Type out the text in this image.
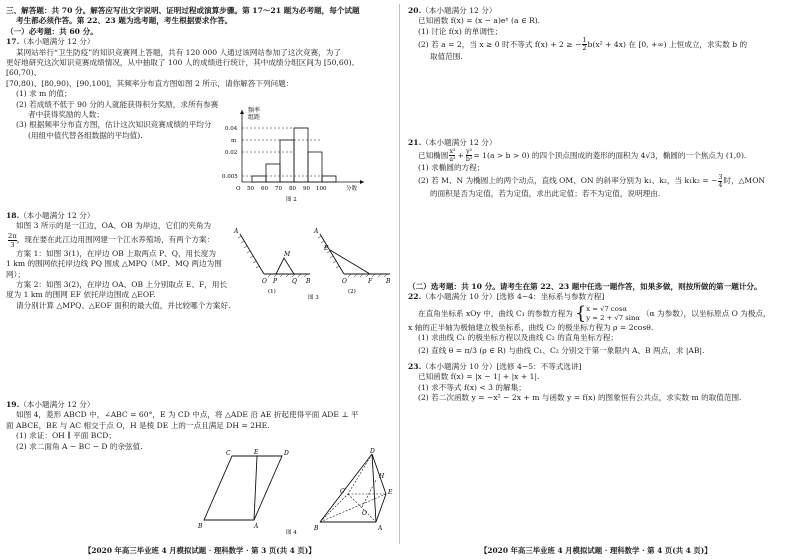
三、解答题：共 70 分。解答应写出文字说明、证明过程或演算步骤。第 17～21 题为必考题，每个试题

考生都必须作答。第 22、23 题为选考题，考生根据要求作答。

（一）必考题：共 60 分。

17.（本小题满分 12 分）

某网站举行“卫生防疫”的知识竞赛网上答题，共有 120 000 人通过该网站参加了这次竞赛，为了

更好地研究这次知识竞赛成绩情况，从中抽取了 100 人的成绩进行统计，其中成绩分组区间为 [50,60)、[60,70)、

[70,80)、[80,90)、[90,100]，其频率分布直方图如图 2 所示，请你解答下列问题：

(1) 求 m 的值；

(2) 若成绩不低于 90 分的人就能获得积分奖励，求所有参赛

者中获得奖励的人数；

(3) 根据频率分布直方图，估计这次知识竞赛成绩的平均分

(用组中值代替各组数据的平均值).

频率
组距
0.04
m
0.02
0.005
O 50 60 70 80 90 100	分数
图 2

18.（本小题满分 12 分）

如图 3 所示的是一江边，OA、OB 为岸边，它们的夹角为

2π
3
，现在要在此江边用围网建一个江水养殖场，有两个方案：

方案 1：如图 3(1)，在岸边 OB 上取两点 P、Q，用长度为

1 km 的围网依托岸边线 PQ 围成 △MPQ（MP、MQ 两边为围

网）；

方案 2：如图 3(2)，在岸边 OA、OB 上分别取点 E、F，用长

度为 1 km 的围网 EF 依托岸边围成 △EOF.

请分别计算 △MPQ、△EOF 面积的最大值，并比较哪个方案好.

A
M
O P Q B
(1)
A
E
O	F B
(2)
图 3

19.（本小题满分 12 分）

如图 4，菱形 ABCD 中，∠ABC = 60°，E 为 CD 中点，将 △ADE 沿 AE 折起使得平面 ADE ⊥ 平

面 ABCE，BE 与 AC 相交于点 O，H 是棱 DE 上的一点且满足 DH = 2HE.

(1) 求证：OH ∥ 平面 BCD；

(2) 求二面角 A − BC − D 的余弦值.

C	E	D
A
B
D
H
E
C
A
O
B
图 4
【2020 年高三毕业班 4 月模拟试题 · 理科数学 · 第 3 页(共 4 页)】

20.（本小题满分 12 分）

已知函数 f(x) = (x − a)eˣ (a ∈ R).

(1) 讨论 f(x) 的单调性；

(2) 若 a = 2，当 x ≥ 0 时不等式 f(x) + 2 ≥ − $\frac{1}{2} b(x^2 + 4x)$ 在 [0, +∞) 上恒成立，求实数 b 的

取值范围.

21.（本小题满分 12 分）

已知椭圆 x²
a²
+ $\frac{\text{y²}}{\text{b²}} = 1(a > b > 0)$ 的四个顶点围成的菱形的面积为 4√3，椭圆的一个焦点为 (1,0).

(1) 求椭圆的方程；

(2) 若 M、N 为椭圆上的两个动点，直线 OM、ON 的斜率分别为 k₁、k₂，当 k₁k₂ = − $\frac{3}{4}$ 时，△MON

的面积是否为定值，若为定值，求出此定值；若不为定值，说明理由.

（二）选考题：共 10 分。请考生在第 22、23 题中任选一题作答，如果多做，则按所做的第一题计分。

22.（本小题满分 10 分）[选修 4−4：坐标系与参数方程]

在直角坐标系 xOy 中，曲线 C₁ 的参数方程为 { x = √7 cosα
y = 2 + √7 sinα
（α 为参数），以坐标原点 O 为极点，

x 轴的正半轴为极轴建立极坐标系，曲线 C₂ 的极坐标方程为 ρ = 2cosθ.

(1) 求曲线 C₁ 的极坐标方程以及曲线 C₂ 的直角坐标方程；

(2) 直线 θ = π/3 (ρ ∈ R) 与曲线 C₁、C₂ 分别交于第一象限内 A、B 两点，求 |AB|.

23.（本小题满分 10 分）[选修 4−5：不等式选讲]

已知函数 f(x) = |x − 1| + |x + 1|.

(1) 求不等式 f(x) < 3 的解集；

(2) 若二次函数 y = −x² − 2x + m 与函数 y = f(x) 的图象恒有公共点，求实数 m 的取值范围.

【2020 年高三毕业班 4 月模拟试题 · 理科数学 · 第 4 页(共 4 页)】
